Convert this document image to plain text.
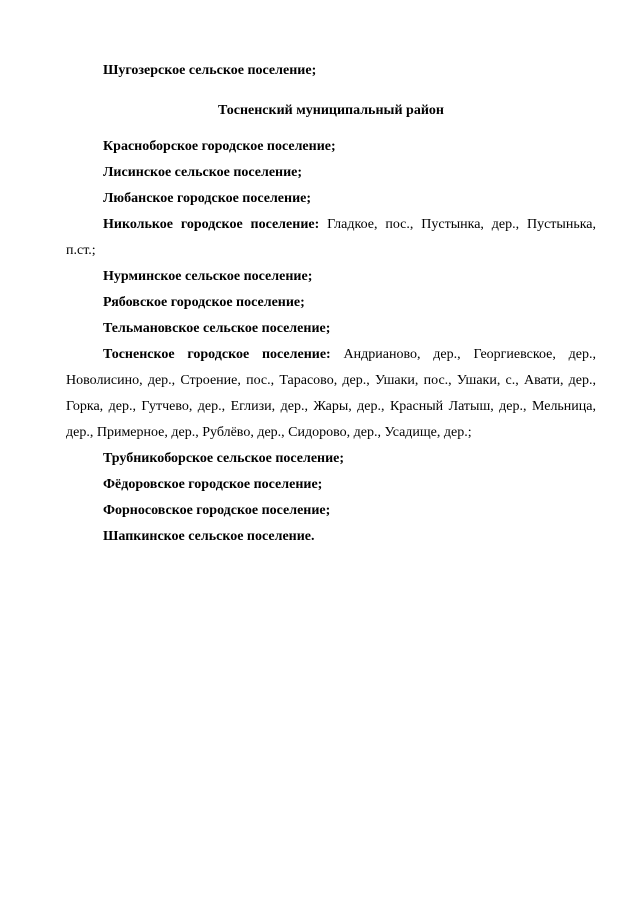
Шугозерское сельское поселение;

Тосненский муниципальный район

Красноборское городское поселение;

Лисинское сельское поселение;

Любанское городское поселение;

Николькое городское поселение: Гладкое, пос., Пустынка, дер., Пустынька, п.ст.;

Нурминское сельское поселение;

Рябовское городское поселение;

Тельмановское сельское поселение;

Тосненское городское поселение: Андрианово, дер., Георгиевское, дер., Новолисино, дер., Строение, пос., Тарасово, дер., Ушаки, пос., Ушаки, с., Авати, дер., Горка, дер., Гутчево, дер., Еглизи, дер., Жары, дер., Красный Латыш, дер., Мельница, дер., Примерное, дер., Рублёво, дер., Сидорово, дер., Усадище, дер.;

Трубникоборское сельское поселение;

Фёдоровское городское поселение;

Форносовское городское поселение;

Шапкинское сельское поселение.
